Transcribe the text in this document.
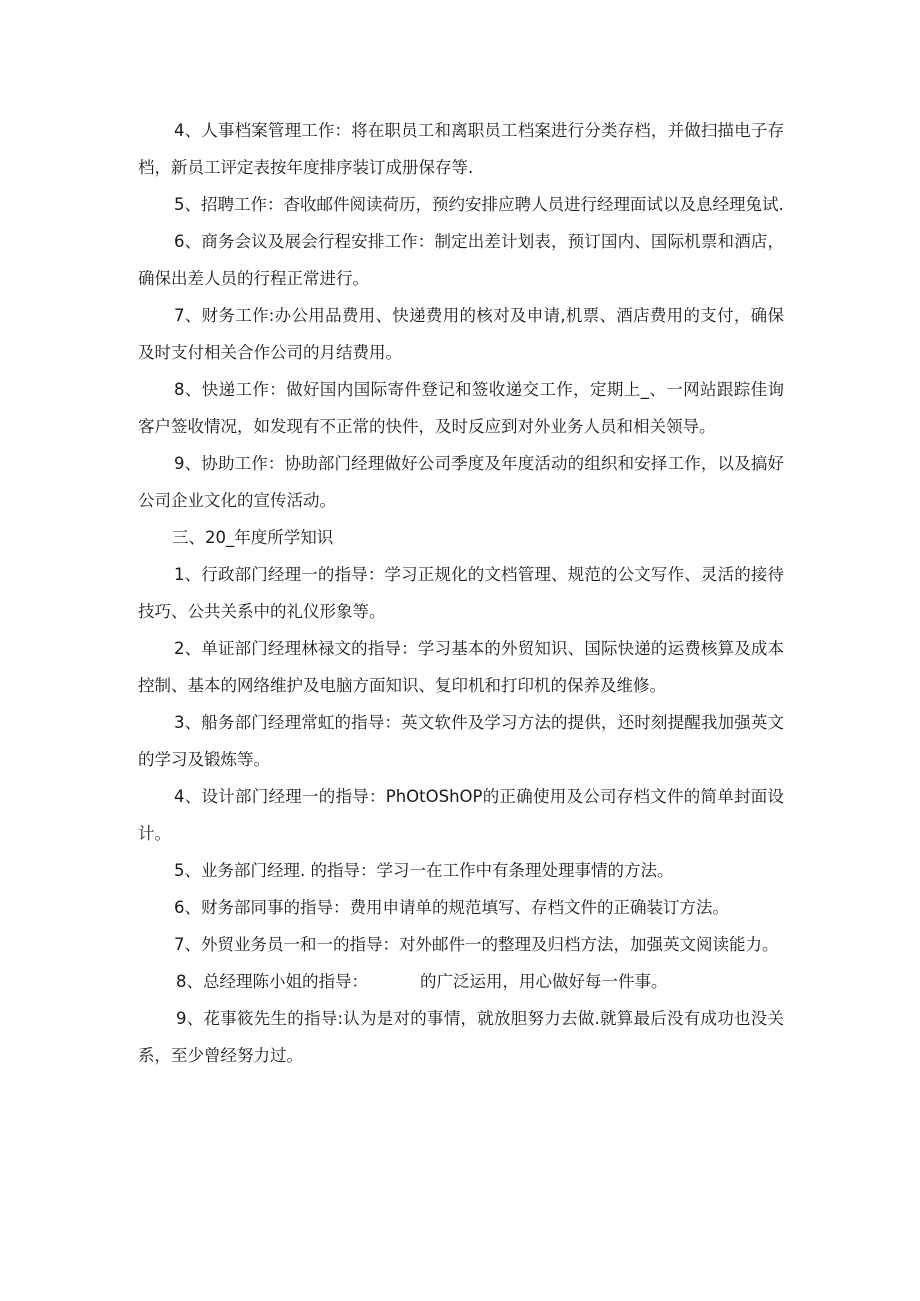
4、人事档案管理工作：将在职员工和离职员工档案进行分类存档，并做扫描电子存档，新员工评定表按年度排序装订成册保存等.

5、招聘工作：杳收邮件阅读荷历，预约安排应聘人员进行经理面试以及息经理兔试.

6、商务会议及展会行程安排工作：制定出差计划表，预订国内、国际机票和酒店，确保出差人员的行程正常进行。

7、财务工作:办公用品费用、快递费用的核对及申请,机票、酒店费用的支付，确保及时支付相关合作公司的月结费用。

8、快递工作：做好国内国际寄件登记和签收递交工作，定期上_、一网站跟踪佳询客户签收情况，如发现有不正常的快件，及时反应到对外业务人员和相关领导。

9、协助工作：协助部门经理做好公司季度及年度活动的组织和安择工作，以及搞好公司企业文化的宣传活动。

三、20_年度所学知识

1、行政部门经理一的指导：学习正规化的文档管理、规范的公文写作、灵活的接待技巧、公共关系中的礼仪形象等。

2、单证部门经理林禄文的指导：学习基本的外贸知识、国际快递的运费核算及成本控制、基本的网络维护及电脑方面知识、复印机和打印机的保养及维修。

3、船务部门经理常虹的指导：英文软件及学习方法的提供，还时刻提醒我加强英文的学习及锻炼等。

4、设计部门经理一的指导：PhOtOShOP的正确使用及公司存档文件的简单封面设计。

5、业务部门经理. 的指导：学习一在工作中有条理处理事情的方法。

6、财务部同事的指导：费用申请单的规范填写、存档文件的正确装订方法。

7、外贸业务员一和一的指导：对外邮件一的整理及归档方法，加强英文阅读能力。

8、总经理陈小姐的指导：	的广泛运用，用心做好每一件事。

9、花事筱先生的指导:认为是对的事情，就放胆努力去做.就算最后没有成功也没关系，至少曾经努力过。
